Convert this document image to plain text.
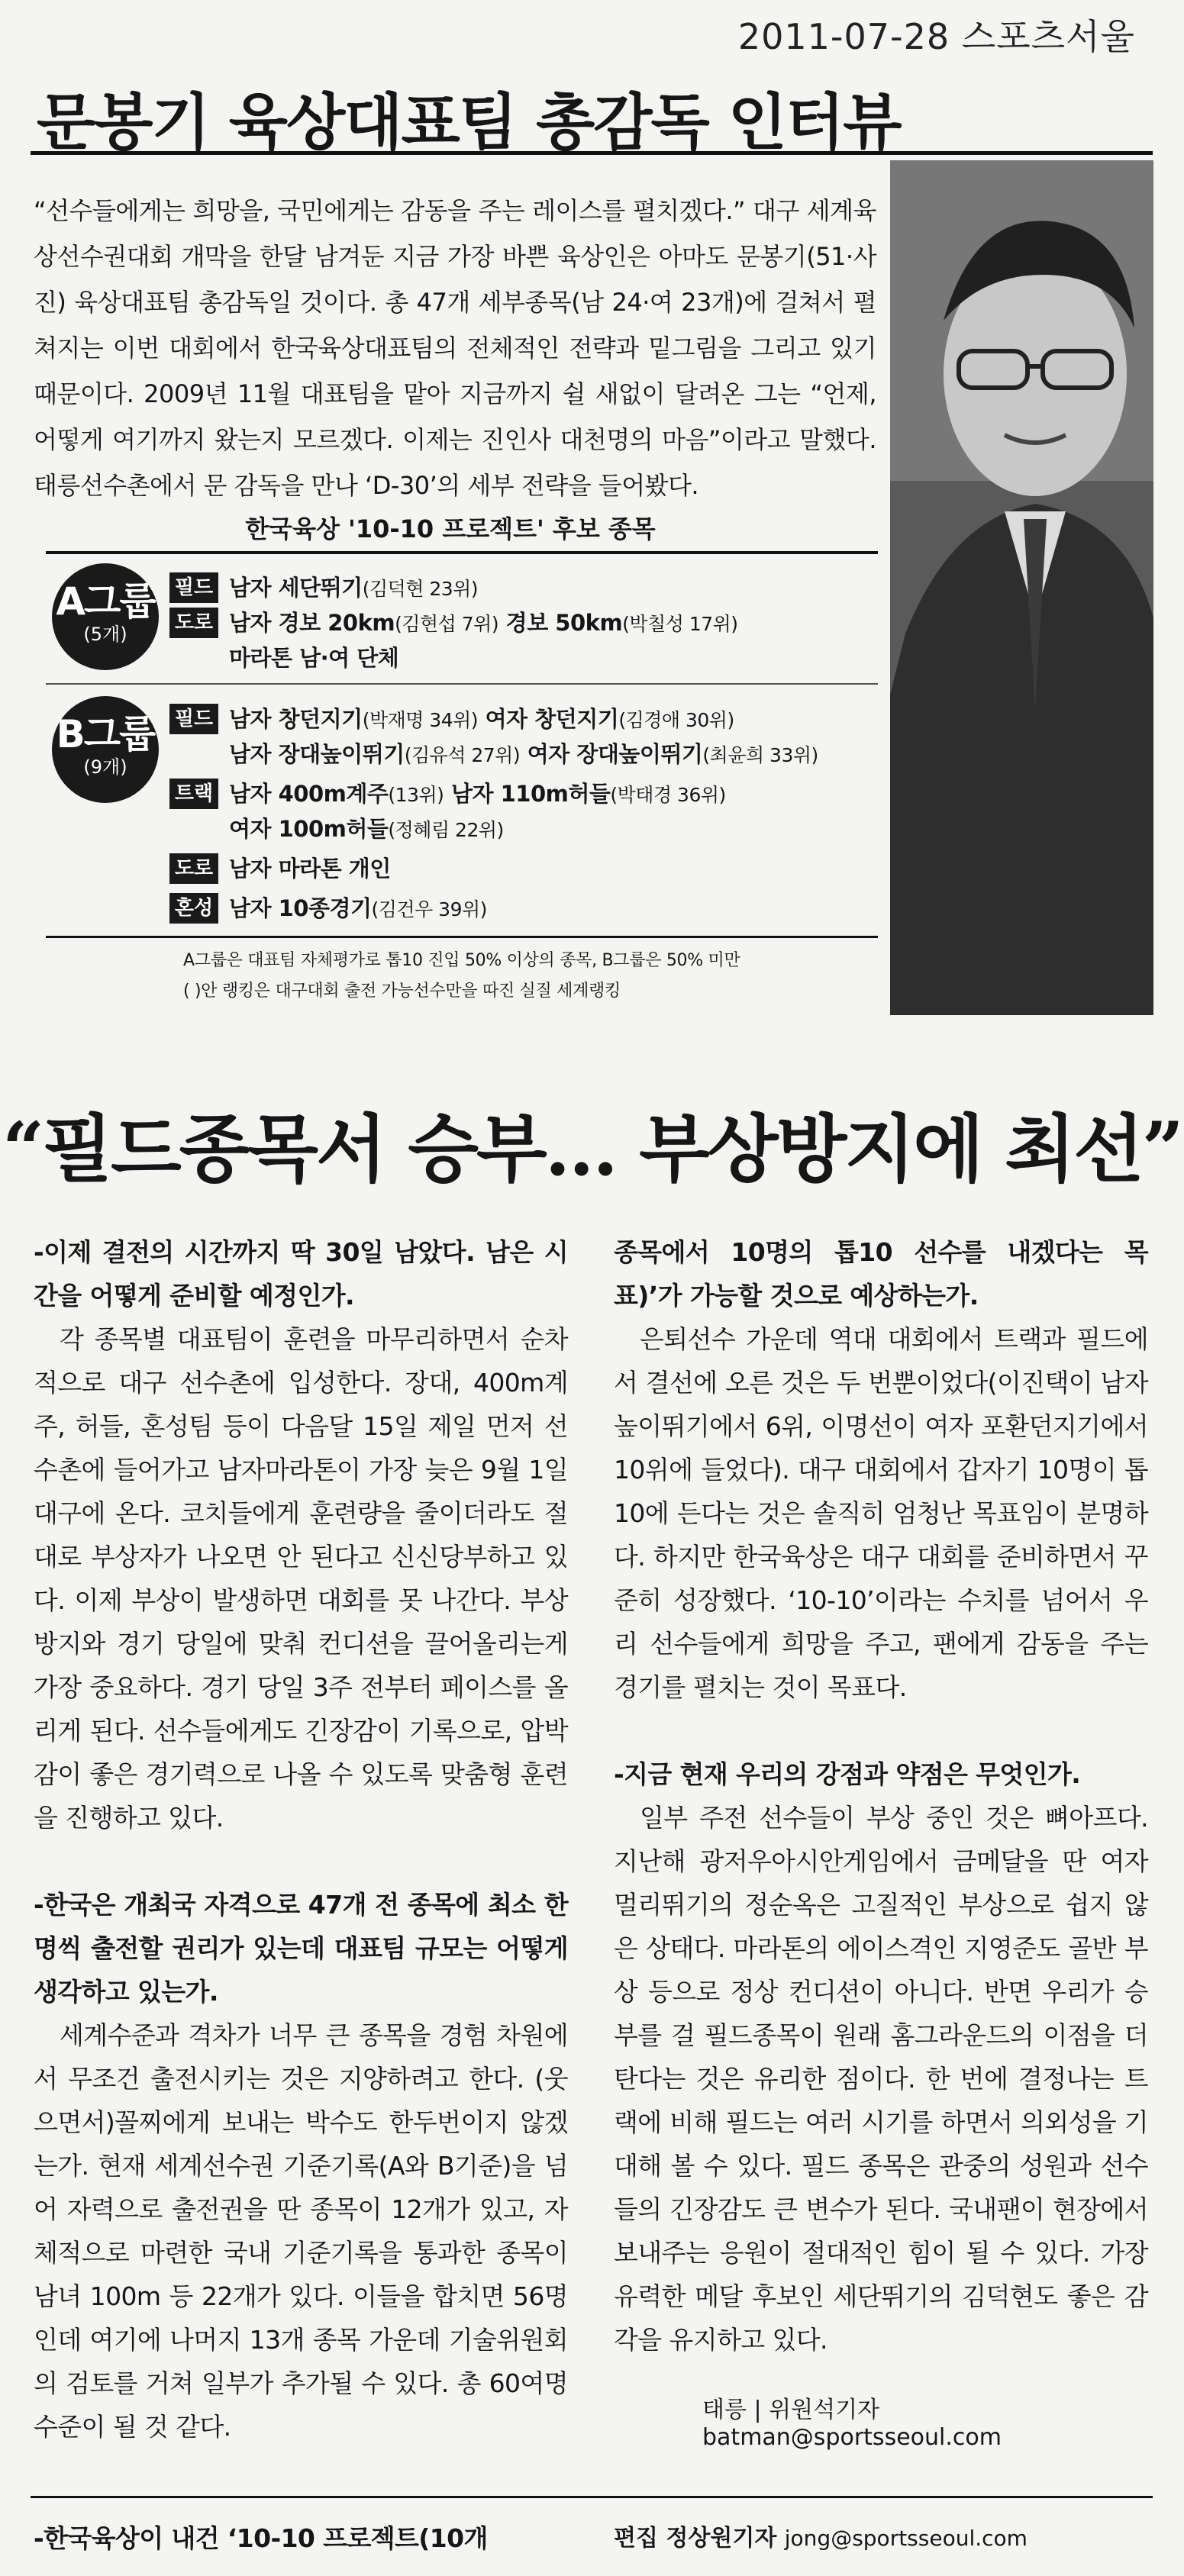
2011-07-28 스포츠서울
문봉기 육상대표팀 총감독 인터뷰

“선수들에게는 희망을, 국민에게는 감동을 주는 레이스를 펼치겠다.” 대구 세계육상선수권대회 개막을 한달 남겨둔 지금 가장 바쁜 육상인은 아마도 문봉기(51·사진) 육상대표팀 총감독일 것이다. 총 47개 세부종목(남 24·여 23개)에 걸쳐서 펼쳐지는 이번 대회에서 한국육상대표팀의 전체적인 전략과 밑그림을 그리고 있기 때문이다. 2009년 11월 대표팀을 맡아 지금까지 쉴 새없이 달려온 그는 “언제, 어떻게 여기까지 왔는지 모르겠다. 이제는 진인사 대천명의 마음”이라고 말했다. 태릉선수촌에서 문 감독을 만나 ‘D-30’의 세부 전략을 들어봤다.

한국육상 '10-10 프로젝트' 후보 종목
A그룹
(5개)
필드 남자 세단뛰기(김덕현 23위)
도로 남자 경보 20km(김현섭 7위) 경보 50km(박칠성 17위)
마라톤 남·여 단체
B그룹
(9개)
필드 남자 창던지기(박재명 34위) 여자 창던지기(김경애 30위)
남자 장대높이뛰기(김유석 27위) 여자 장대높이뛰기(최윤희 33위)
트랙 남자 400m계주(13위) 남자 110m허들(박태경 36위)
여자 100m허들(정혜림 22위)
도로 남자 마라톤 개인
혼성 남자 10종경기(김건우 39위)
A그룹은 대표팀 자체평가로 톱10 진입 50% 이상의 종목, B그룹은 50% 미만
( )안 랭킹은 대구대회 출전 가능선수만을 따진 실질 세계랭킹
“필드종목서 승부… 부상방지에 최선”
-이제 결전의 시간까지 딱 30일 남았다. 남은 시간을 어떻게 준비할 예정인가.
각 종목별 대표팀이 훈련을 마무리하면서 순차적으로 대구 선수촌에 입성한다. 장대, 400m계주, 허들, 혼성팀 등이 다음달 15일 제일 먼저 선수촌에 들어가고 남자마라톤이 가장 늦은 9월 1일 대구에 온다. 코치들에게 훈련량을 줄이더라도 절대로 부상자가 나오면 안 된다고 신신당부하고 있다. 이제 부상이 발생하면 대회를 못 나간다. 부상방지와 경기 당일에 맞춰 컨디션을 끌어올리는게 가장 중요하다. 경기 당일 3주 전부터 페이스를 올리게 된다. 선수들에게도 긴장감이 기록으로, 압박감이 좋은 경기력으로 나올 수 있도록 맞춤형 훈련을 진행하고 있다.
-한국은 개최국 자격으로 47개 전 종목에 최소 한명씩 출전할 권리가 있는데 대표팀 규모는 어떻게 생각하고 있는가.
세계수준과 격차가 너무 큰 종목을 경험 차원에서 무조건 출전시키는 것은 지양하려고 한다. (웃으면서)꼴찌에게 보내는 박수도 한두번이지 않겠는가. 현재 세계선수권 기준기록(A와 B기준)을 넘어 자력으로 출전권을 딴 종목이 12개가 있고, 자체적으로 마련한 국내 기준기록을 통과한 종목이 남녀 100m 등 22개가 있다. 이들을 합치면 56명인데 여기에 나머지 13개 종목 가운데 기술위원회의 검토를 거쳐 일부가 추가될 수 있다. 총 60여명 수준이 될 것 같다.
종목에서 10명의 톱10 선수를 내겠다는 목표)’가 가능할 것으로 예상하는가.
은퇴선수 가운데 역대 대회에서 트랙과 필드에서 결선에 오른 것은 두 번뿐이었다(이진택이 남자 높이뛰기에서 6위, 이명선이 여자 포환던지기에서 10위에 들었다). 대구 대회에서 갑자기 10명이 톱10에 든다는 것은 솔직히 엄청난 목표임이 분명하다. 하지만 한국육상은 대구 대회를 준비하면서 꾸준히 성장했다. ‘10-10’이라는 수치를 넘어서 우리 선수들에게 희망을 주고, 팬에게 감동을 주는 경기를 펼치는 것이 목표다.
-지금 현재 우리의 강점과 약점은 무엇인가.
일부 주전 선수들이 부상 중인 것은 뼈아프다. 지난해 광저우아시안게임에서 금메달을 딴 여자 멀리뛰기의 정순옥은 고질적인 부상으로 쉽지 않은 상태다. 마라톤의 에이스격인 지영준도 골반 부상 등으로 정상 컨디션이 아니다. 반면 우리가 승부를 걸 필드종목이 원래 홈그라운드의 이점을 더 탄다는 것은 유리한 점이다. 한 번에 결정나는 트랙에 비해 필드는 여러 시기를 하면서 의외성을 기대해 볼 수 있다. 필드 종목은 관중의 성원과 선수들의 긴장감도 큰 변수가 된다. 국내팬이 현장에서 보내주는 응원이 절대적인 힘이 될 수 있다. 가장 유력한 메달 후보인 세단뛰기의 김덕현도 좋은 감각을 유지하고 있다.
태릉 | 위원석기자 batman@sportsseoul.com
-한국육상이 내건 ‘10-10 프로젝트(10개	편집 정상원기자 jong@sportsseoul.com
